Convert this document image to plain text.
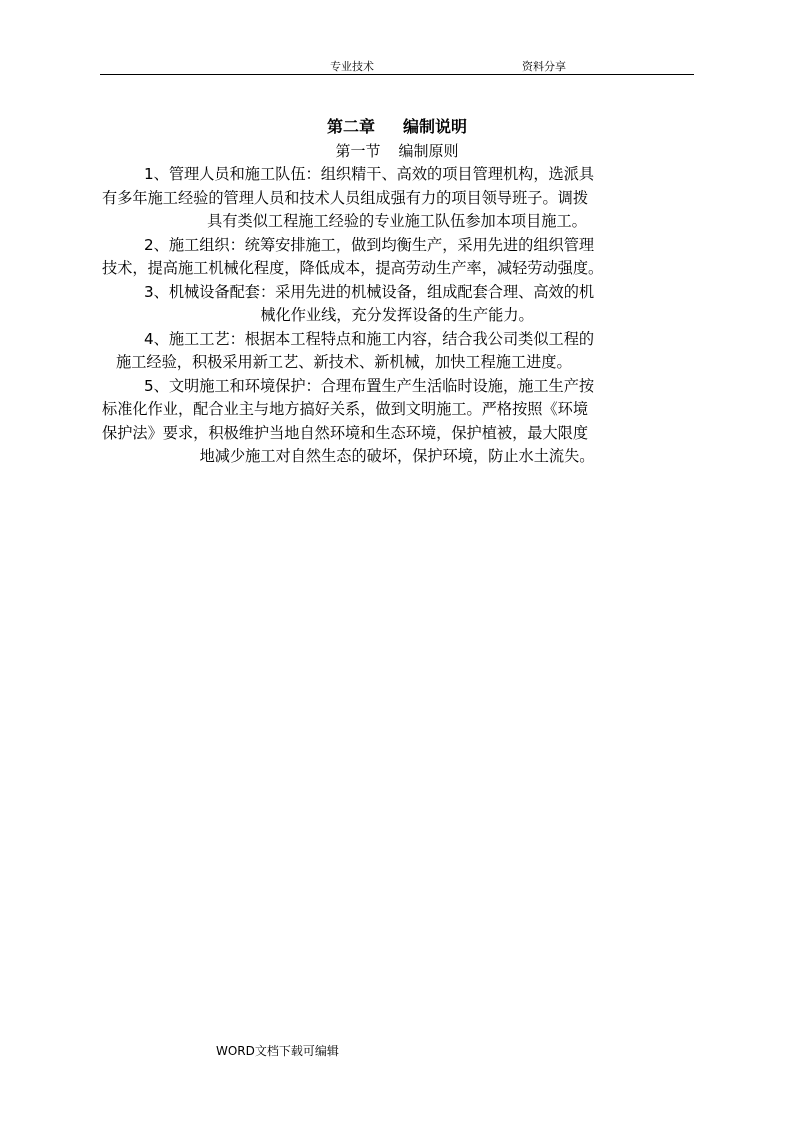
专业技术	资料分享
第二章 编制说明
第一节 编制原则
1、管理人员和施工队伍：组织精干、高效的项目管理机构，选派具
有多年施工经验的管理人员和技术人员组成强有力的项目领导班子。调拨
具有类似工程施工经验的专业施工队伍参加本项目施工。
2、施工组织：统筹安排施工，做到均衡生产，采用先进的组织管理
技术，提高施工机械化程度，降低成本，提高劳动生产率，减轻劳动强度。
3、机械设备配套：采用先进的机械设备，组成配套合理、高效的机
械化作业线，充分发挥设备的生产能力。
4、施工工艺：根据本工程特点和施工内容，结合我公司类似工程的
施工经验，积极采用新工艺、新技术、新机械，加快工程施工进度。
5、文明施工和环境保护：合理布置生产生活临时设施，施工生产按
标准化作业，配合业主与地方搞好关系，做到文明施工。严格按照《环境
保护法》要求，积极维护当地自然环境和生态环境，保护植被，最大限度
地减少施工对自然生态的破坏，保护环境，防止水土流失。
WORD文档下载可编辑
